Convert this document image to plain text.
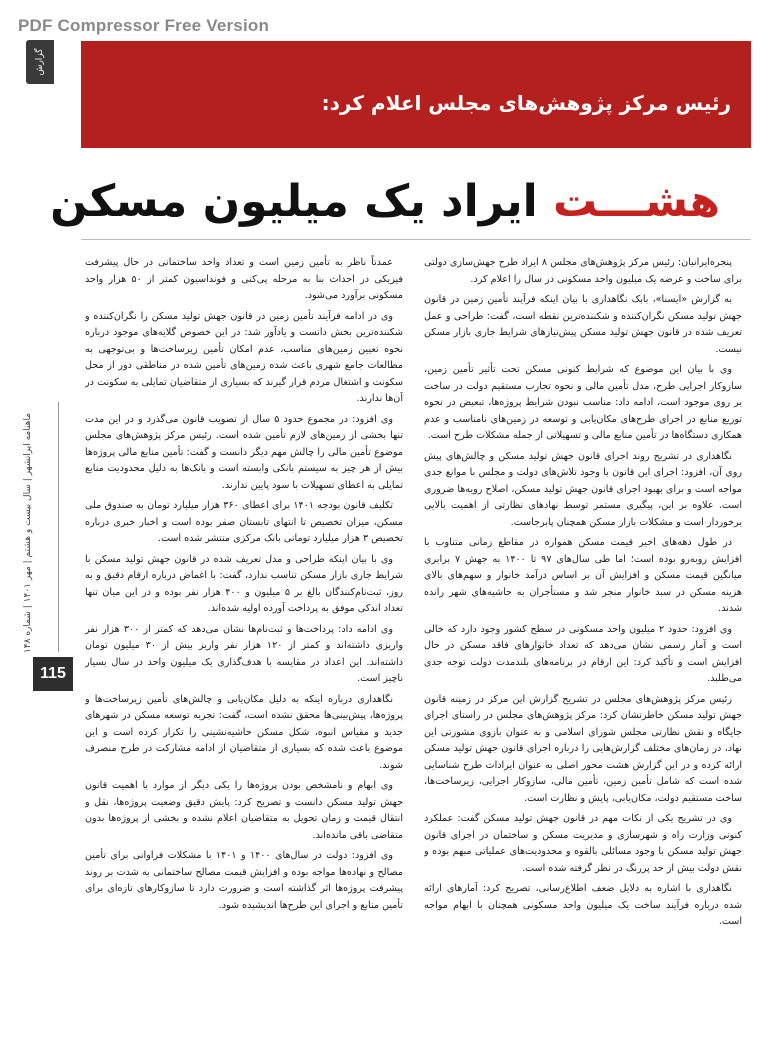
PDF Compressor Free Version
گزارش
رئیس مرکز پژوهش‌های مجلس اعلام کرد:
هشـــت ایراد یک میلیون مسکن

پنجره‌ایرانیان: رئیس مرکز پژوهش‌های مجلس ۸ ایراد طرح جهش‌سازی دولتی برای ساخت و عرضه یک میلیون واحد مسکونی در سال را اعلام کرد.

به گزارش «ایسنا»، بابک نگاهداری با بیان اینکه فرآیند تأمین زمین در قانون جهش تولید مسکن نگران‌کننده و شکننده‌ترین نقطه است، گفت: طراحی و عمل تعریف شده در قانون جهش تولید مسکن پیش‌نیازهای شرایط جاری بازار مسکن نیست.

وی با بیان این موضوع که شرایط کنونی مسکن تحت تأثیر تأمین زمین، سازوکار اجرایی طرح، مدل تأمین مالی و نحوه تجارب مستقیم دولت در ساخت بر روی موجود است، ادامه داد: مناسب نبودن شرایط پروژه‌ها، تبعیض در نحوه توزیع منابع در اجرای طرح‌های مکان‌یابی و توسعه در زمین‌های نامناسب و عدم همکاری دستگاه‌ها در تأمین منابع مالی و تسهیلاتی از جمله مشکلات طرح است.

نگاهداری در تشریح روند اجرای قانون جهش تولید مسکن و چالش‌های پیش روی آن، افزود: اجرای این قانون با وجود تلاش‌های دولت و مجلس با موانع جدی مواجه است و برای بهبود اجرای قانون جهش تولید مسکن، اصلاح رویه‌ها ضروری است. علاوه بر این، پیگیری مستمر توسط نهادهای نظارتی از اهمیت بالایی برخوردار است و مشکلات بازار مسکن همچنان پابرجاست.

در طول دهه‌های اخیر قیمت مسکن همواره در مقاطع زمانی متناوب با افزایش روبه‌رو بوده است؛ اما طی سال‌های ۹۷ تا ۱۴۰۰ به جهش ۷ برابری میانگین قیمت مسکن و افزایش آن بر اساس درآمد خانوار و سهم‌های بالای هزینه مسکن در سبد خانوار منجر شد و مستأجران به حاشیه‌های شهر رانده شدند.

وی افزود: حدود ۲ میلیون واحد مسکونی در سطح کشور وجود دارد که خالی است و آمار رسمی نشان می‌دهد که تعداد خانوارهای فاقد مسکن در حال افزایش است و تأکید کرد: این ارقام در برنامه‌های بلندمدت دولت توجه جدی می‌طلبد.

رئیس مرکز پژوهش‌های مجلس در تشریح گزارش این مرکز در زمینه قانون جهش تولید مسکن خاطرنشان کرد: مرکز پژوهش‌های مجلس در راستای اجرای جایگاه و نقش نظارتی مجلس شورای اسلامی و به عنوان بازوی مشورتی این نهاد، در زمان‌های مختلف گزارش‌هایی را درباره اجرای قانون جهش تولید مسکن ارائه کرده و در این گزارش هشت محور اصلی به عنوان ایرادات طرح شناسایی شده است که شامل تأمین زمین، تأمین مالی، سازوکار اجرایی، زیرساخت‌ها، ساخت مستقیم دولت، مکان‌یابی، پایش و نظارت است.

وی در تشریح یکی از نکات مهم در قانون جهش تولید مسکن گفت: عملکرد کنونی وزارت راه و شهرسازی و مدیریت مسکن و ساختمان در اجرای قانون جهش تولید مسکن با وجود مسائلی بالقوه و محدودیت‌های عملیاتی مبهم بوده و نقش دولت بیش از حد پررنگ در نظر گرفته شده است.

نگاهداری با اشاره به دلایل ضعف اطلاع‌رسانی، تصریح کرد: آمارهای ارائه شده درباره فرآیند ساخت یک میلیون واحد مسکونی همچنان با ابهام مواجه است.

عمدتاً ناظر به تأمین زمین است و تعداد واحد ساختمانی در حال پیشرفت فیزیکی در احداث بنا به مرحله پی‌کنی و فونداسیون کمتر از ۵۰ هزار واحد مسکونی برآورد می‌شود.

وی در ادامه فرآیند تأمین زمین در قانون جهش تولید مسکن را نگران‌کننده و شکننده‌ترین بخش دانست و یادآور شد: در این خصوص گلایه‌های موجود درباره نحوه تعیین زمین‌های مناسب، عدم امکان تأمین زیرساخت‌ها و بی‌توجهی به مطالعات جامع شهری باعث شده زمین‌های تأمین شده در مناطقی دور از محل سکونت و اشتغال مردم قرار گیرند که بسیاری از متقاضیان تمایلی به سکونت در آن‌ها ندارند.

وی افزود: در مجموع حدود ۵ سال از تصویب قانون می‌گذرد و در این مدت تنها بخشی از زمین‌های لازم تأمین شده است. رئیس مرکز پژوهش‌های مجلس موضوع تأمین مالی را چالش مهم دیگر دانست و گفت: تأمین منابع مالی پروژه‌ها بیش از هر چیز به سیستم بانکی وابسته است و بانک‌ها به دلیل محدودیت منابع تمایلی به اعطای تسهیلات با سود پایین ندارند.

تکلیف قانون بودجه ۱۴۰۱ برای اعطای ۳۶۰ هزار میلیارد تومان به صندوق ملی مسکن، میزان تخصیص تا انتهای تابستان صفر بوده است و اخبار خبری درباره تخصیص ۳ هزار میلیارد تومانی بانک مرکزی منتشر شده است.

وی با بیان اینکه طراحی و مدل تعریف شده در قانون جهش تولید مسکن با شرایط جاری بازار مسکن تناسب ندارد، گفت: با اغماض درباره ارقام دقیق و به روز، ثبت‌نام‌کنندگان بالغ بر ۵ میلیون و ۴۰۰ هزار نفر بوده و در این میان تنها تعداد اندکی موفق به پرداخت آورده اولیه شده‌اند.

وی ادامه داد: پرداخت‌ها و ثبت‌نام‌ها نشان می‌دهد که کمتر از ۳۰۰ هزار نفر واریزی داشته‌اند و کمتر از ۱۲۰ هزار نفر واریز بیش از ۳۰ میلیون تومان داشته‌اند. این اعداد در مقایسه با هدف‌گذاری یک میلیون واحد در سال بسیار ناچیز است.

نگاهداری درباره اینکه به دلیل مکان‌یابی و چالش‌های تأمین زیرساخت‌ها و پروژه‌ها، پیش‌بینی‌ها محقق نشده است، گفت: تجربه توسعه مسکن در شهرهای جدید و مقیاس انبوه، شکل مسکن حاشیه‌نشینی را تکرار کرده است و این موضوع باعث شده که بسیاری از متقاضیان از ادامه مشارکت در طرح منصرف شوند.

وی ابهام و نامشخص بودن پروژه‌ها را یکی دیگر از موارد با اهمیت قانون جهش تولید مسکن دانست و تصریح کرد: پایش دقیق وضعیت پروژه‌ها، نقل و انتقال قیمت و زمان تحویل به متقاضیان اعلام نشده و بخشی از پروژه‌ها بدون متقاضی باقی مانده‌اند.

وی افزود: دولت در سال‌های ۱۴۰۰ و ۱۴۰۱ با مشکلات فراوانی برای تأمین مصالح و نهاده‌ها مواجه بوده و افزایش قیمت مصالح ساختمانی به شدت بر روند پیشرفت پروژه‌ها اثر گذاشته است و ضرورت دارد تا سازوکارهای تازه‌ای برای تأمین منابع و اجرای این طرح‌ها اندیشیده شود.

ماهنامه ایرانشهر | سال بیست و هشتم | مهر ۱۴۰۱ | شماره ۱۴۸
115
